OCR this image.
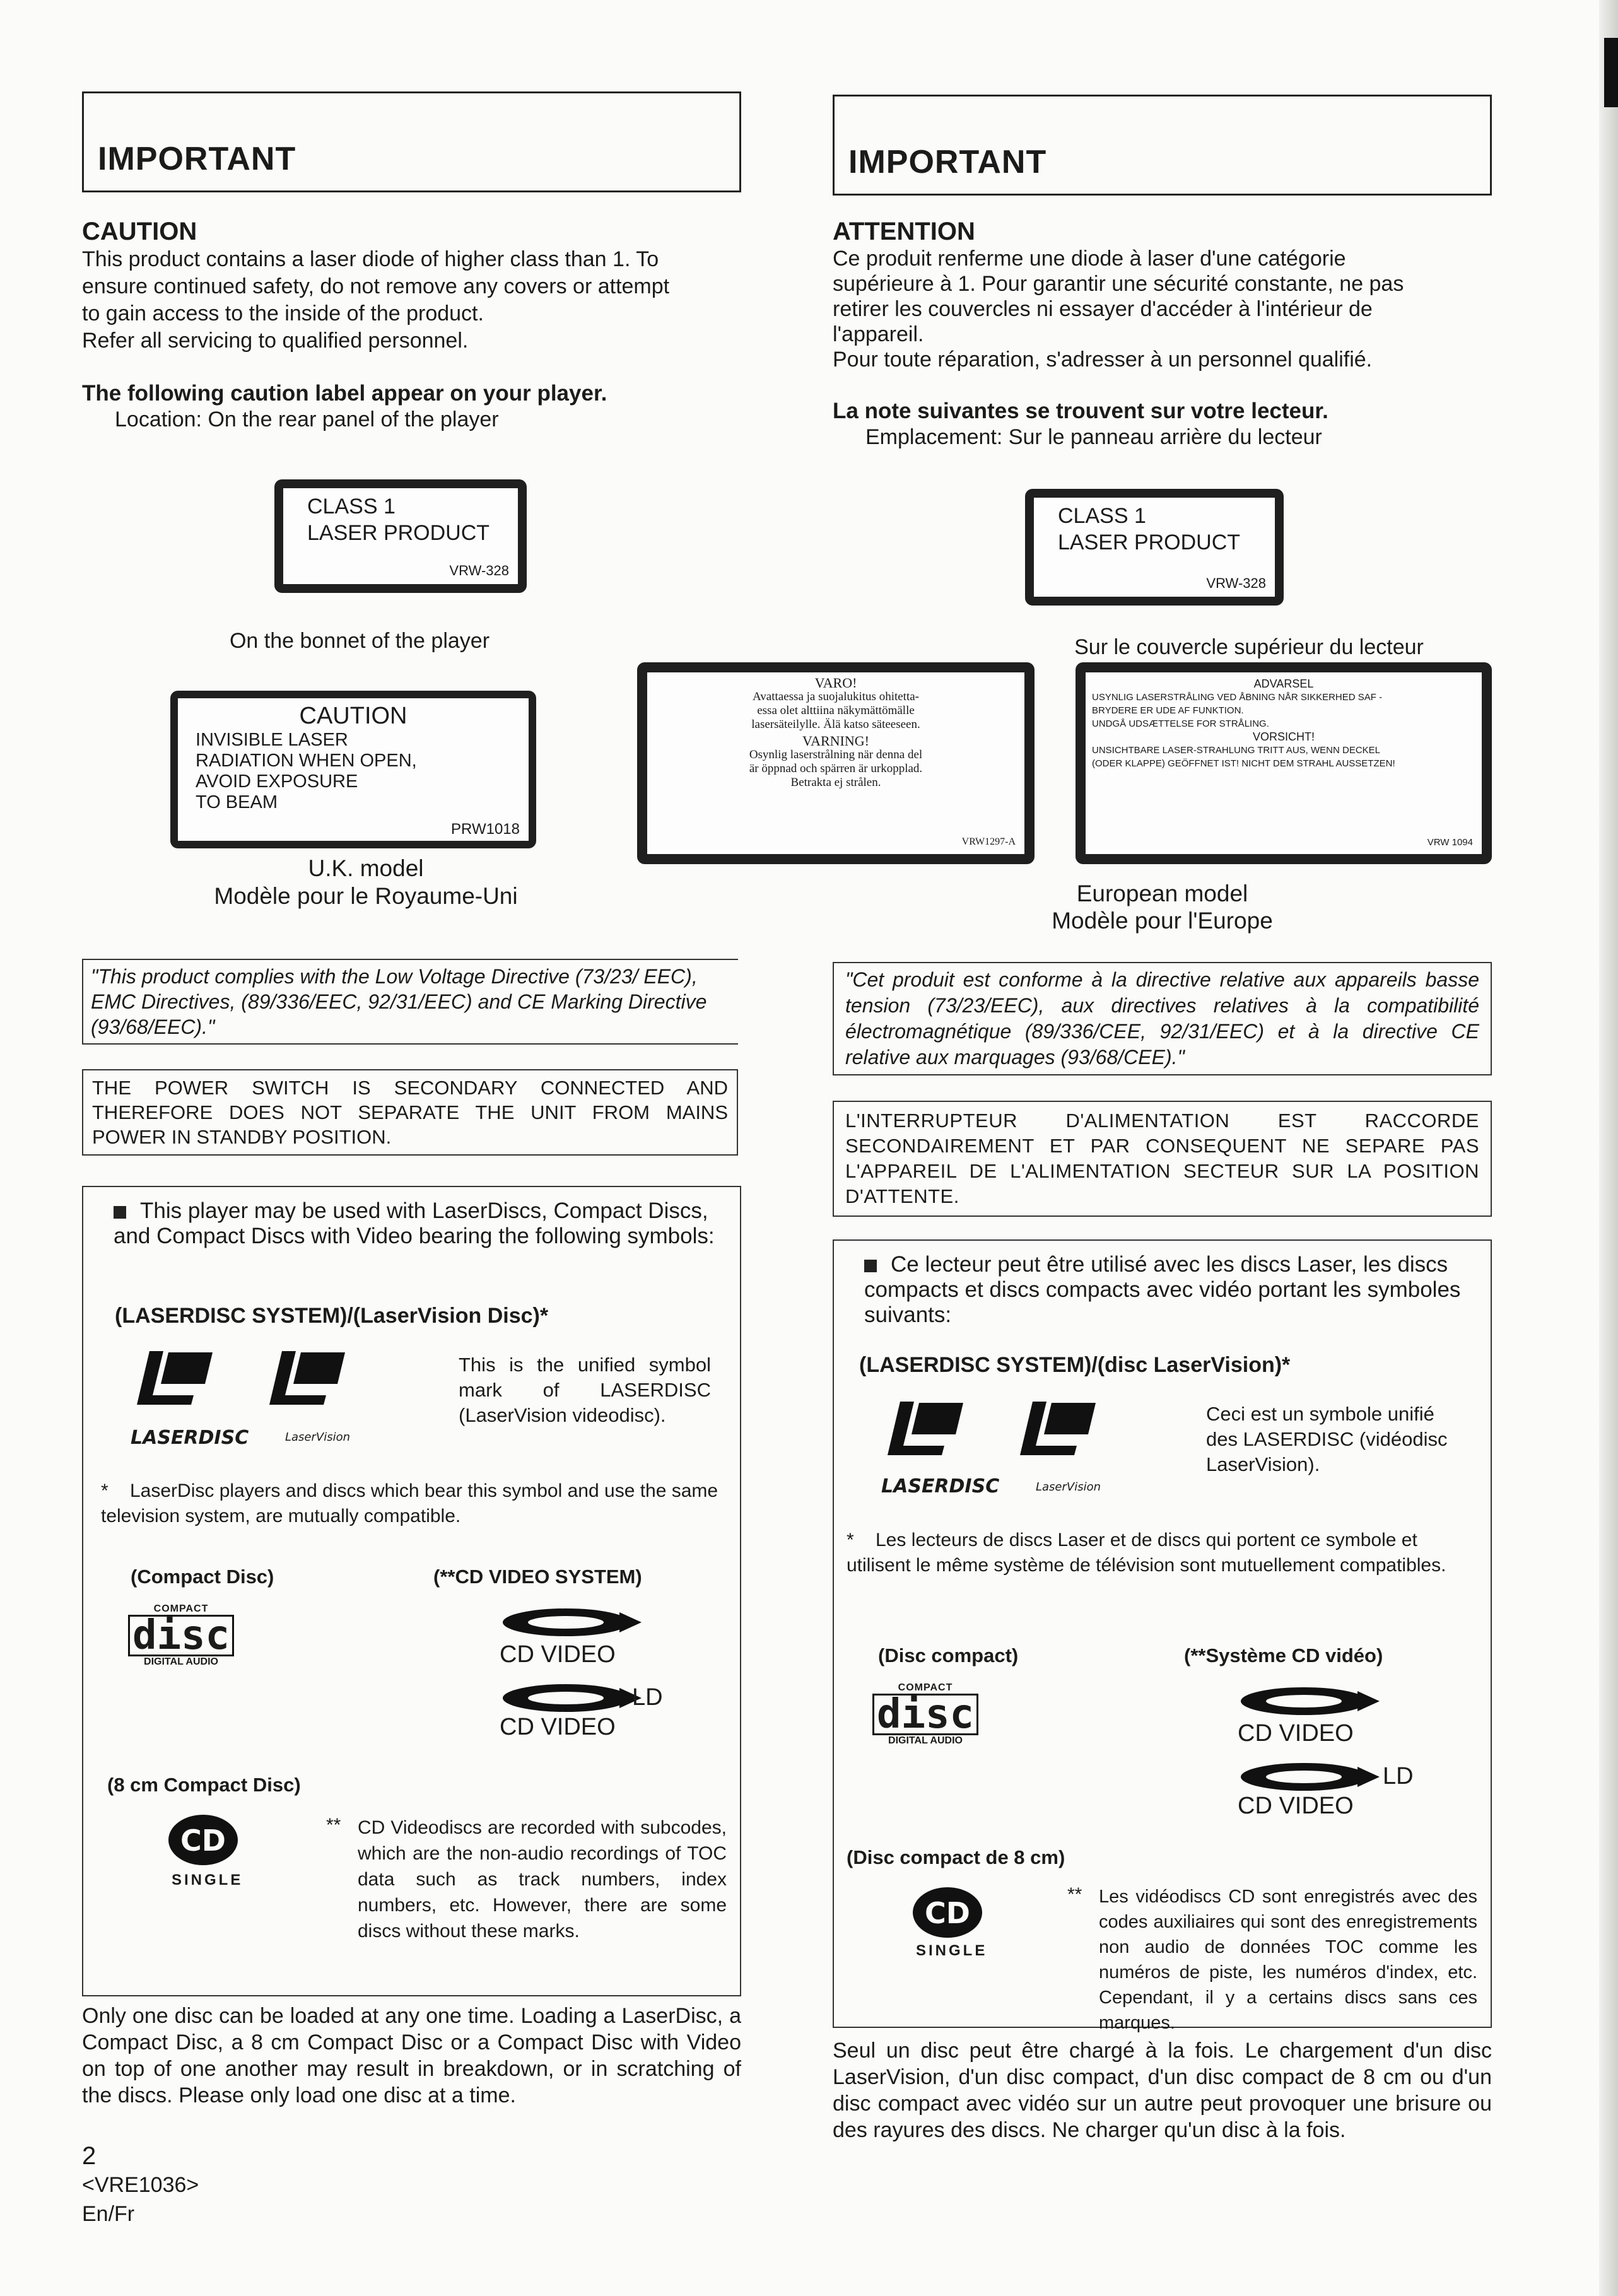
IMPORTANT
CAUTION

This product contains a laser diode of higher class than 1. To

ensure continued safety, do not remove any covers or attempt

to gain access to the inside of the product.

Refer all servicing to qualified personnel.

The following caution label appear on your player.
Location: On the rear panel of the player
CLASS 1
LASER PRODUCT
VRW-328
On the bonnet of the player
CAUTION
INVISIBLE LASER
RADIATION WHEN OPEN,
AVOID EXPOSURE
TO BEAM
PRW1018
U.K. model
Modèle pour le Royaume-Uni
"This product complies with the Low Voltage Directive (73/23/ EEC), EMC Directives, (89/336/EEC, 92/31/EEC) and CE Marking Directive (93/68/EEC)."
THE POWER SWITCH IS SECONDARY CONNECTED AND THEREFORE DOES NOT SEPARATE THE UNIT FROM MAINS POWER IN STANDBY POSITION.
This player may be used with LaserDiscs, Compact Discs, and Compact Discs with Video bearing the following symbols:
(LASERDISC SYSTEM)/(LaserVision Disc)*
LASERDISC	LaserVision
This is the unified symbol mark of LASERDISC (LaserVision videodisc).
* LaserDisc players and discs which bear this symbol and use the same television system, are mutually compatible.
(Compact Disc)	(**CD VIDEO SYSTEM)
COMPACT
disc
DIGITAL AUDIO	CD VIDEO
LD
CD VIDEO
(8 cm Compact Disc)
CD
SINGLE
** CD Videodiscs are recorded with subcodes, which are the non-audio recordings of TOC data such as track numbers, index numbers, etc. However, there are some discs without these marks.
Only one disc can be loaded at any one time. Loading a LaserDisc, a Compact Disc, a 8 cm Compact Disc or a Compact Disc with Video on top of one another may result in breakdown, or in scratching of the discs. Please only load one disc at a time.
2
<VRE1036>
En/Fr
IMPORTANT
ATTENTION

Ce produit renferme une diode à laser d'une catégorie

supérieure à 1. Pour garantir une sécurité constante, ne pas

retirer les couvercles ni essayer d'accéder à l'intérieur de

l'appareil.

Pour toute réparation, s'adresser à un personnel qualifié.

La note suivantes se trouvent sur votre lecteur.
Emplacement: Sur le panneau arrière du lecteur
CLASS 1
LASER PRODUCT
VRW-328
Sur le couvercle supérieur du lecteur
VARO!
Avattaessa ja suojalukitus ohitetta-
essa olet alttiina näkymättömälle
lasersäteilylle. Älä katso säteeseen.
VARNING!
Osynlig laserstrålning när denna del
är öppnad och spärren är urkopplad.
Betrakta ej strålen.
VRW1297-A
ADVARSEL
USYNLIG LASERSTRÅLING VED ÅBNING NÅR SIKKERHED SAF -
BRYDERE ER UDE AF FUNKTION.
UNDGÅ UDSÆTTELSE FOR STRÅLING.
VORSICHT!
UNSICHTBARE LASER-STRAHLUNG TRITT AUS, WENN DECKEL
(ODER KLAPPE) GEÖFFNET IST! NICHT DEM STRAHL AUSSETZEN!
VRW 1094
European model
Modèle pour l'Europe
"Cet produit est conforme à la directive relative aux appareils basse tension (73/23/EEC), aux directives relatives à la compatibilité électromagnétique (89/336/CEE, 92/31/EEC) et à la directive CE relative aux marquages (93/68/CEE)."
L'INTERRUPTEUR D'ALIMENTATION EST RACCORDE SECONDAIREMENT ET PAR CONSEQUENT NE SEPARE PAS L'APPAREIL DE L'ALIMENTATION SECTEUR SUR LA POSITION D'ATTENTE.
Ce lecteur peut être utilisé avec les discs Laser, les discs compacts et discs compacts avec vidéo portant les symboles suivants:
(LASERDISC SYSTEM)/(disc LaserVision)*
LASERDISC	LaserVision
Ceci est un symbole unifié des LASERDISC (vidéodisc LaserVision).
* Les lecteurs de discs Laser et de discs qui portent ce symbole et utilisent le même système de télévision sont mutuellement compatibles.
(Disc compact)	(**Système CD vidéo)
COMPACT
disc
DIGITAL AUDIO	CD VIDEO
LD
CD VIDEO
(Disc compact de 8 cm)
CD
SINGLE
** Les vidéodiscs CD sont enregistrés avec des codes auxiliaires qui sont des enregistrements non audio de données TOC comme les numéros de piste, les numéros d'index, etc. Cependant, il y a certains discs sans ces marques.
Seul un disc peut être chargé à la fois. Le chargement d'un disc LaserVision, d'un disc compact, d'un disc compact de 8 cm ou d'un disc compact avec vidéo sur un autre peut provoquer une brisure ou des rayures des discs. Ne charger qu'un disc à la fois.
